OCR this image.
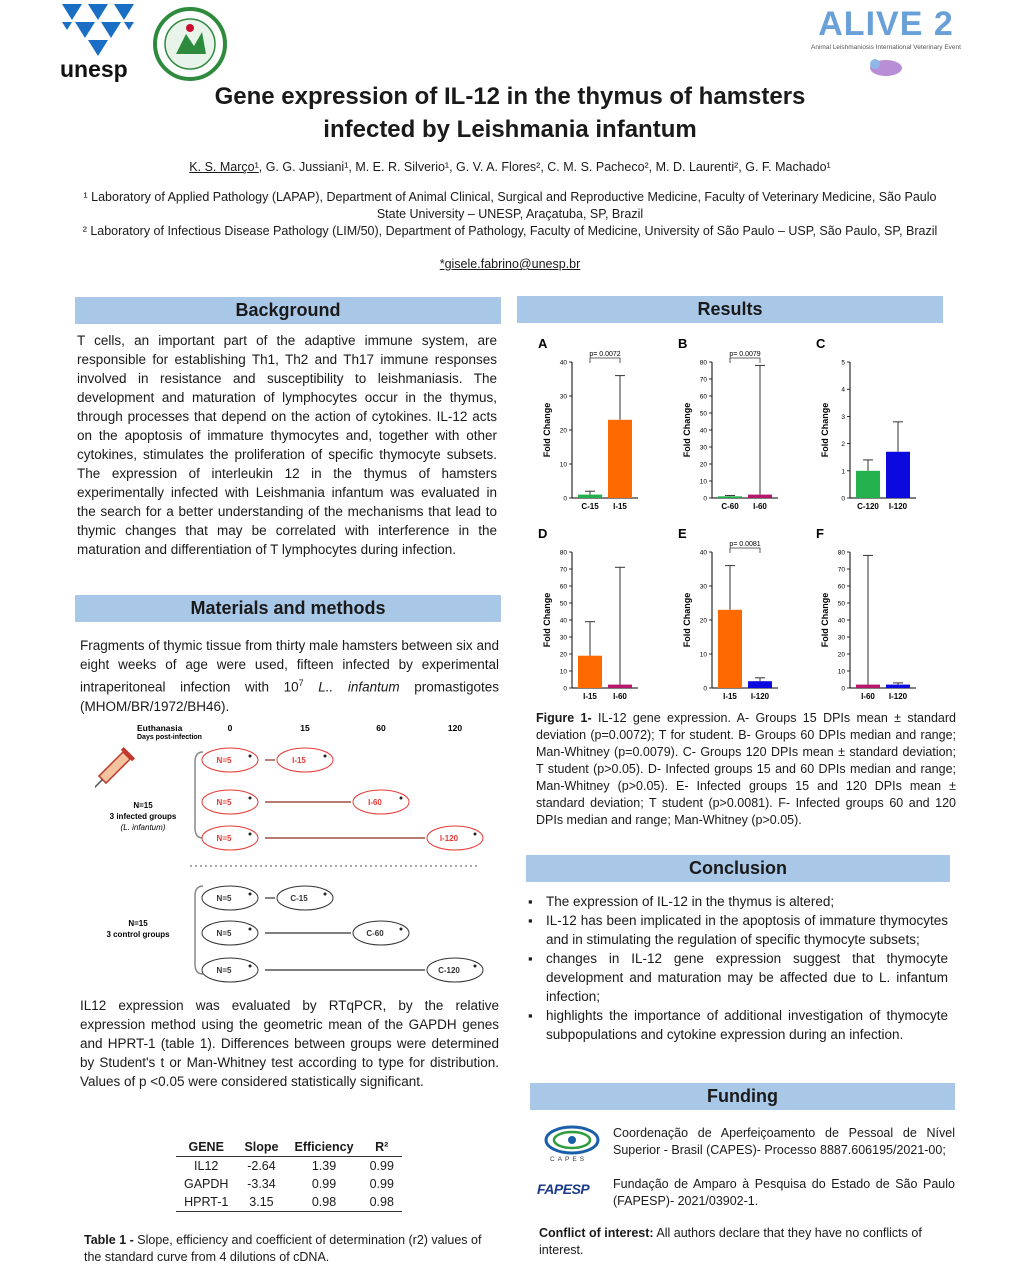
unesp
ALIVE 2
Animal Leishmaniosis International Veterinary Event
Gene expression of IL-12 in the thymus of hamsters
infected by Leishmania infantum
K. S. Março¹, G. G. Jussiani¹, M. E. R. Silverio¹, G. V. A. Flores², C. M. S. Pacheco², M. D. Laurenti², G. F. Machado¹
¹ Laboratory of Applied Pathology (LAPAP), Department of Animal Clinical, Surgical and Reproductive Medicine, Faculty of Veterinary Medicine, São Paulo State University – UNESP, Araçatuba, SP, Brazil
² Laboratory of Infectious Disease Pathology (LIM/50), Department of Pathology, Faculty of Medicine, University of São Paulo – USP, São Paulo, SP, Brazil
*gisele.fabrino@unesp.br
Background
T cells, an important part of the adaptive immune system, are responsible for establishing Th1, Th2 and Th17 immune responses involved in resistance and susceptibility to leishmaniasis. The development and maturation of lymphocytes occur in the thymus, through processes that depend on the action of cytokines. IL-12 acts on the apoptosis of immature thymocytes and, together with other cytokines, stimulates the proliferation of specific thymocyte subsets. The expression of interleukin 12 in the thymus of hamsters experimentally infected with Leishmania infantum was evaluated in the search for a better understanding of the mechanisms that lead to thymic changes that may be correlated with interference in the maturation and differentiation of T lymphocytes during infection.
Materials and methods
Fragments of thymic tissue from thirty male hamsters between six and eight weeks of age were used, fifteen infected by experimental intraperitoneal infection with $10^7$ L.. infantum promastigotes (MHOM/BR/1972/BH46).
Euthanasia
Days post-infection
0	15	60	120
N=15
3 infected groups
(L. infantum)
N=5	I-15
N=5	I-60
N=5	I-120
N=15
3 control groups
N=5	C-15
N=5	C-60
N=5	C-120
IL12 expression was evaluated by RTqPCR, by the relative expression method using the geometric mean of the GAPDH genes and HPRT-1 (table 1). Differences between groups were determined by Student's t or Man-Whitney test according to type for distribution. Values of p <0.05 were considered statistically significant.
GENE	Slope	Efficiency	R²
IL12	-2.64	1.39	0.99
GAPDH	-3.34	0.99	0.99
HPRT-1	3.15	0.98	0.98
Table 1 - Slope, efficiency and coefficient of determination (r2) values of the standard curve from 4 dilutions of cDNA.
Results
A
0
10
20
30
40
Fold Change
C-15 I-15
p= 0.0072
B
0
10
20
30
40
50
60
70
80
Fold Change
C-60 I-60
p= 0.0079
C
0
1
2
3
4
5
Fold Change
C-120 I-120
D
0
10
20
30
40
50
60
70
80
Fold Change
I-15 I-60
E
0
10
20
30
40
Fold Change
I-15 I-120
p= 0.0081
F
0
10
20
30
40
50
60
70
80
Fold Change
I-60 I-120
Figure 1- IL-12 gene expression. A- Groups 15 DPIs mean ± standard deviation (p=0.0072); T for student. B- Groups 60 DPIs median and range; Man-Whitney (p=0.0079). C- Groups 120 DPIs mean ± standard deviation; T student (p>0.05). D- Infected groups 15 and 60 DPIs median and range; Man-Whitney (p>0.05). E- Infected groups 15 and 120 DPIs mean ± standard deviation; T student (p>0.0081). F- Infected groups 60 and 120 DPIs median and range; Man-Whitney (p>0.05).
Conclusion
▪ The expression of IL-12 in the thymus is altered;
▪ IL-12 has been implicated in the apoptosis of immature thymocytes and in stimulating the regulation of specific thymocyte subsets;
▪ changes in IL-12 gene expression suggest that thymocyte development and maturation may be affected due to L. infantum infection;
▪ highlights the importance of additional investigation of thymocyte subpopulations and cytokine expression during an infection.
Funding
CAPES
Coordenação de Aperfeiçoamento de Pessoal de Nível Superior - Brasil (CAPES)- Processo 8887.606195/2021-00;
FAPESP	Fundação de Amparo à Pesquisa do Estado de São Paulo (FAPESP)- 2021/03902-1.
Conflict of interest: All authors declare that they have no conflicts of interest.
